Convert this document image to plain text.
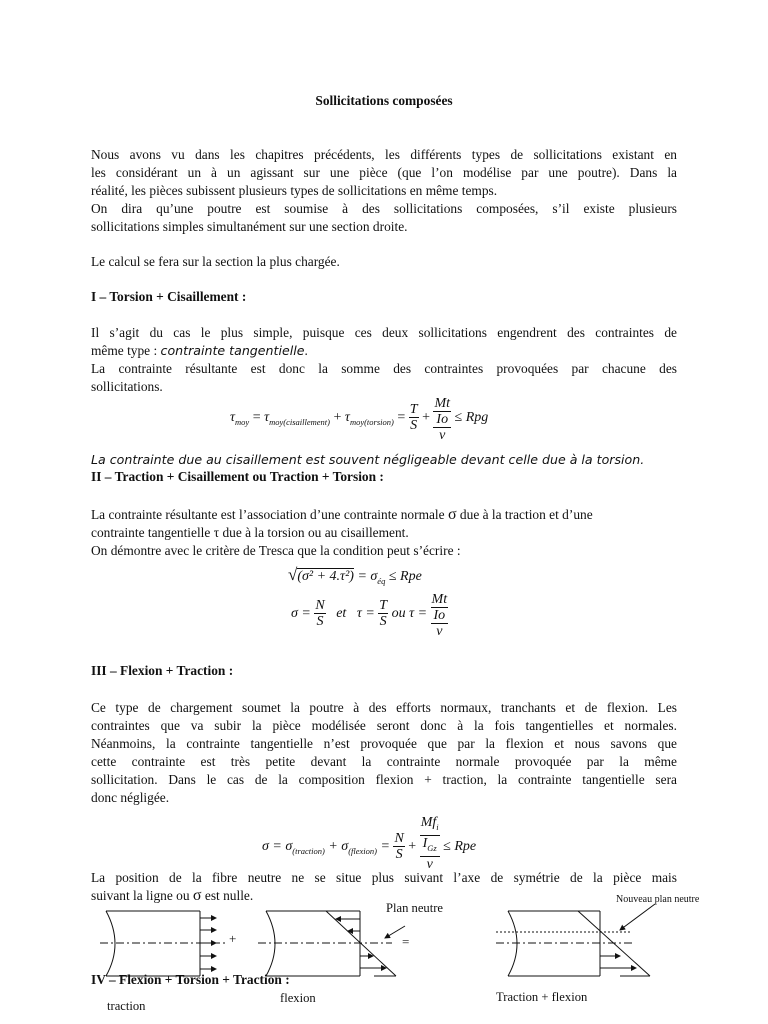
Sollicitations composées
Nous avons vu dans les chapitres précédents, les différents types de sollicitations existant en
les considérant un à un agissant sur une pièce (que l’on modélise par une poutre). Dans la
réalité, les pièces subissent plusieurs types de sollicitations en même temps.
On dira qu’une poutre est soumise à des sollicitations composées, s’il existe plusieurs
sollicitations simples simultanément sur une section droite.
Le calcul se fera sur la section la plus chargée.
I – Torsion + Cisaillement :
Il s’agit du cas le plus simple, puisque ces deux sollicitations engendrent des contraintes de
même type : contrainte tangentielle.
La contrainte résultante est donc la somme des contraintes provoquées par chacune des
sollicitations.
$\tau_{moy} = \tau_{moy(cisaillement)} + \tau_{moy(torsion)} = \frac{T}{S}$ +
Mt
Io
v
≤ Rpg
La contrainte due au cisaillement est souvent négligeable devant celle due à la torsion.
II – Traction + Cisaillement ou Traction + Torsion :
La contrainte résultante est l’association d’une contrainte normale σ due à la traction et d’une
contrainte tangentielle τ due à la torsion ou au cisaillement.
On démontre avec le critère de Tresca que la condition peut s’écrire :
$√(\sigma^2 + 4.\tau^2) = \sigma_{éq}$ ≤ Rpe
$\sigma = \frac{N}{S}$ et $\tau = \frac{T}{S}$ ou τ =
Mt
Io
v
III – Flexion + Traction :
Ce type de chargement soumet la poutre à des efforts normaux, tranchants et de flexion. Les
contraintes que va subir la pièce modélisée seront donc à la fois tangentielles et normales.
Néanmoins, la contrainte tangentielle n’est provoquée que par la flexion et nous savons que
cette contrainte est très petite devant la contrainte normale provoquée par la même
sollicitation. Dans le cas de la composition flexion + traction, la contrainte tangentielle sera
donc négligée.
$\sigma = \sigma_{(traction)} + \sigma_{(flexion)} = \frac{N}{S}$ +
$Mf_i$
$I_{Gz}$
v
≤ Rpe
La position de la fibre neutre ne se situe plus suivant l’axe de symétrie de la pièce mais
suivant la ligne ou σ est nulle.
+	=
Plan neutre
Nouveau plan neutre
traction
flexion	Traction + flexion
IV – Flexion + Torsion + Traction :
